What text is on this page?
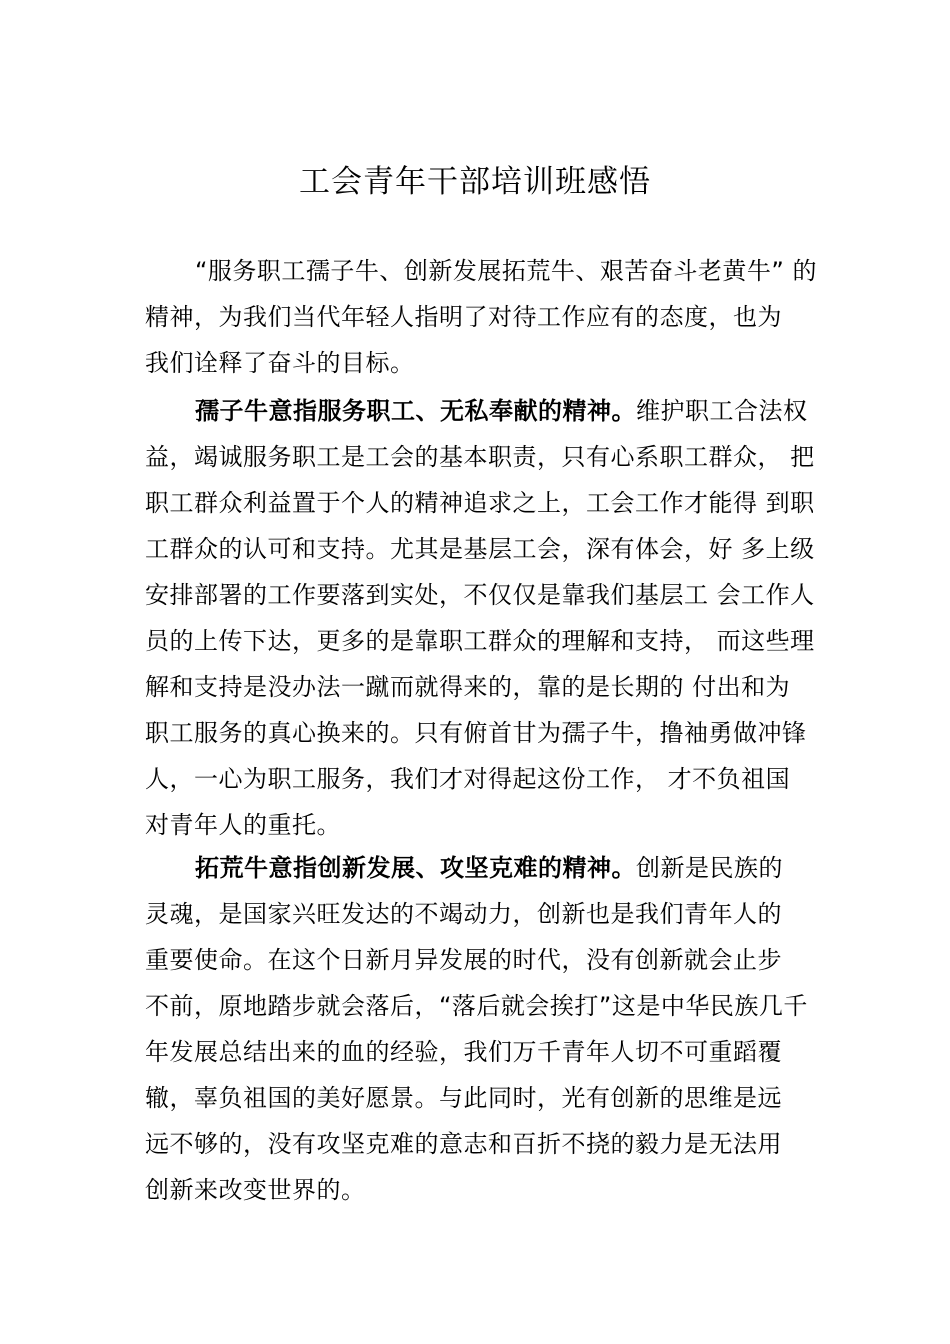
工会青年干部培训班感悟
“服务职工孺子牛、创新发展拓荒牛、艰苦奋斗老黄牛” 的
精神，为我们当代年轻人指明了对待工作应有的态度，也为
我们诠释了奋斗的目标。
孺子牛意指服务职工、无私奉献的精神。维护职工合法权
益，竭诚服务职工是工会的基本职责，只有心系职工群众， 把
职工群众利益置于个人的精神追求之上，工会工作才能得 到职
工群众的认可和支持。尤其是基层工会，深有体会，好 多上级
安排部署的工作要落到实处，不仅仅是靠我们基层工 会工作人
员的上传下达，更多的是靠职工群众的理解和支持， 而这些理
解和支持是没办法一蹴而就得来的，靠的是长期的 付出和为
职工服务的真心换来的。只有俯首甘为孺子牛，撸袖勇做冲锋
人，一心为职工服务，我们才对得起这份工作， 才不负祖国
对青年人的重托。
拓荒牛意指创新发展、攻坚克难的精神。创新是民族的
灵魂，是国家兴旺发达的不竭动力，创新也是我们青年人的
重要使命。在这个日新月异发展的时代，没有创新就会止步
不前，原地踏步就会落后，“落后就会挨打”这是中华民族几千
年发展总结出来的血的经验，我们万千青年人切不可重蹈覆
辙，辜负祖国的美好愿景。与此同时，光有创新的思维是远
远不够的，没有攻坚克难的意志和百折不挠的毅力是无法用
创新来改变世界的。
